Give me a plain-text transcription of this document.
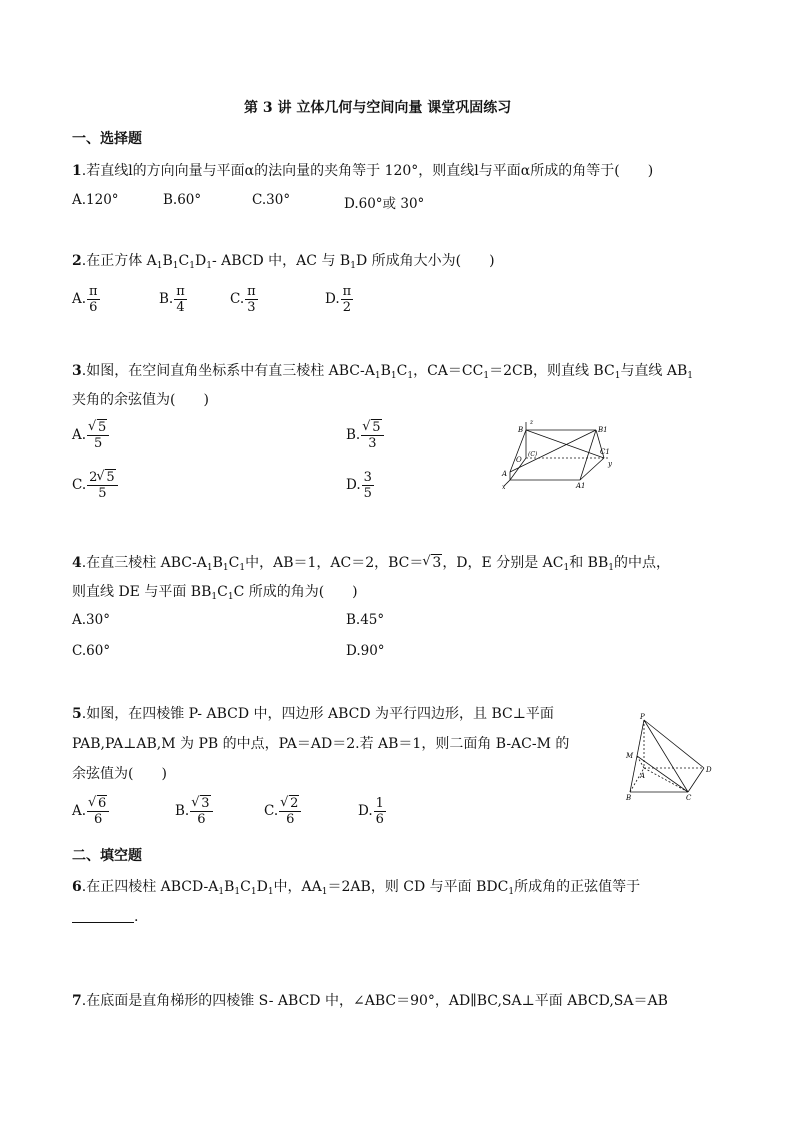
第 3 讲 立体几何与空间向量 课堂巩固练习
一、选择题
1.若直线l的方向向量与平面α的法向量的夹角等于 120°，则直线l与平面α所成的角等于(　　)
A.120°	B.60°	C.30°	D.60°或 30°
2.在正方体 $A_1B_1C_1D_1-$ ABCD 中，AC 与 $B_1D$ 所成角大小为(　　)
A. $\frac{\pi}{6}$	B. $\frac{\pi}{4}$	C. $\frac{\pi}{3}$	D. $\frac{\pi}{2}$
3.如图，在空间直角坐标系中有直三棱柱 ABC-$A_1B_1C_1$，$CA=CC_1=2CB$，则直线 $BC_1$与直线 $AB_1$
夹角的余弦值为(　　)
A. √ $\frac{5}{5}$	B. √ $\frac{5}{3}$
C. $\frac{2 √ 5}{5}$	D. $\frac{3}{5}$
B
z
B1
O
(C)	C1
y
A
x	A1
4.在直三棱柱 ABC-$A_1B_1C_1$中，AB＝1，AC＝2，BC＝ √ 3，D，E 分别是 $AC_1$和 $BB_1$的中点，
则直线 DE 与平面 $BB_1C_1C$ 所成的角为(　　)
A.30°	B.45°
C.60°	D.90°
5.如图，在四棱锥 P- ABCD 中，四边形 ABCD 为平行四边形，且 BC⊥平面
PAB,PA⊥AB,M 为 PB 的中点，PA＝AD＝2.若 AB＝1，则二面角 B-AC-M 的
余弦值为(　　)
A. √ $\frac{6}{6}$	B. √ $\frac{3}{6}$	C. √ $\frac{2}{6}$	D. $\frac{1}{6}$
P
M
A
D
B	C
二、填空题
6.在正四棱柱 ABCD-$A_1B_1C_1D_1$中，$AA_1=2AB$，则 CD 与平面 $BDC_1$所成角的正弦值等于
.
7.在底面是直角梯形的四棱锥 S- ABCD 中，∠ABC＝90°，AD∥BC,SA⊥平面 ABCD,SA＝AB
